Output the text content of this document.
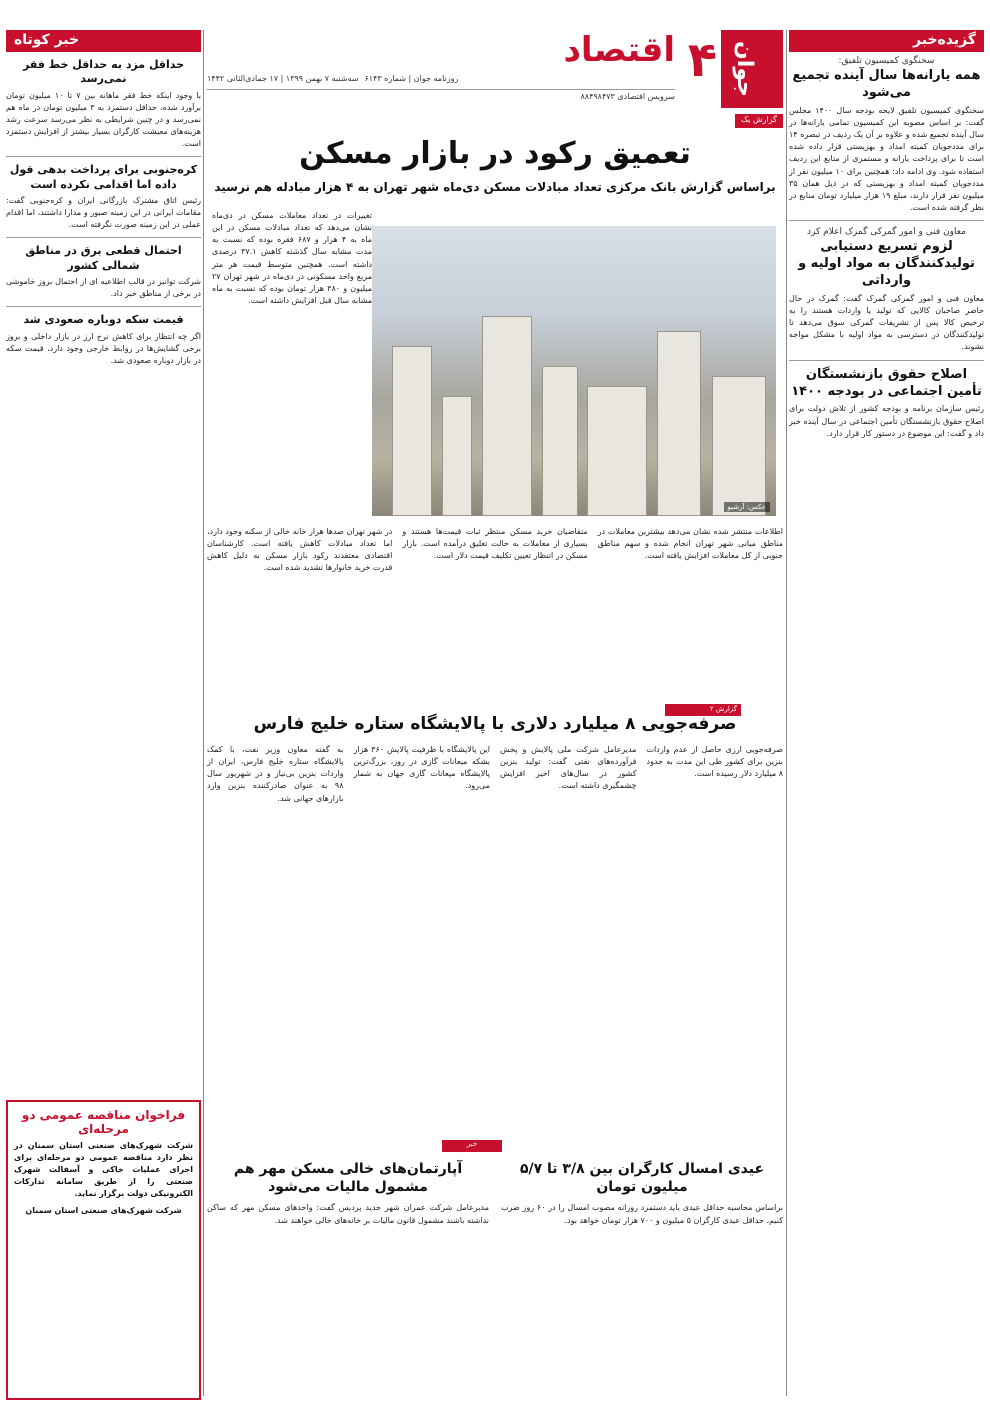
جوان
۴
اقتصاد
روزنامه جوان | شماره ۶۱۴۳
سه‌شنبه ۷ بهمن ۱۳۹۹ | ۱۷ جمادی‌الثانی ۱۴۴۲
سرویس اقتصادی ۸۸۴۹۸۴۷۳
گزارش یک
تعمیق رکود در بازار مسکن
براساس گزارش بانک مرکزی تعداد مبادلات مسکن دی‌ماه شهر تهران به ۴ هزار مبادله هم نرسید
عکس: آرشیو
تغییرات در تعداد معاملات مسکن در دی‌ماه نشان می‌دهد که تعداد مبادلات مسکن در این ماه به ۴ هزار و ۶۸۷ فقره بوده که نسبت به مدت مشابه سال گذشته کاهش ۳۷.۱ درصدی داشته است. همچنین متوسط قیمت هر متر مربع واحد مسکونی در دی‌ماه در شهر تهران ۲۷ میلیون و ۳۸۰ هزار تومان بوده که نسبت به ماه مشابه سال قبل افزایش داشته است.
اطلاعات منتشر شده نشان می‌دهد بیشترین معاملات در مناطق میانی شهر تهران انجام شده و سهم مناطق جنوبی از کل معاملات افزایش یافته است.
متقاضیان خرید مسکن منتظر ثبات قیمت‌ها هستند و بسیاری از معاملات به حالت تعلیق درآمده است. بازار مسکن در اتنظار تعیین تکلیف قیمت دلار است.
در شهر تهران صدها هزار خانه خالی از سکنه وجود دارد، اما تعداد مبادلات کاهش یافته است. کارشناسان اقتصادی معتقدند رکود بازار مسکن به دلیل کاهش قدرت خرید خانوارها تشدید شده است.
گزارش ۲
صرفه‌جویی ۸ میلیارد دلاری با پالایشگاه ستاره خلیج فارس
صرفه‌جویی ارزی حاصل از عدم واردات بنزین برای کشور طی این مدت به حدود ۸ میلیارد دلار رسیده است.
مدیرعامل شرکت ملی پالایش و پخش فرآورده‌های نفتی گفت: تولید بنزین کشور در سال‌های اخیر افزایش چشمگیری داشته است.
این پالایشگاه با ظرفیت پالایش ۳۶۰ هزار بشکه میعانات گازی در روز، بزرگ‌ترین پالایشگاه میعانات گازی جهان به شمار می‌رود.
به گفته معاون وزیر نفت، با کمک پالایشگاه ستاره خلیج فارس، ایران از واردات بنزین بی‌نیاز و در شهریور سال ۹۸ به عنوان صادرکننده بنزین وارد بازارهای جهانی شد.
خبر
عیدی امسال کارگران بین ۳/۸ تا ۵/۷ میلیون تومان
براساس محاسبه حداقل عیدی باید دستمزد روزانه مصوب امسال را در ۶۰ روز ضرب کنیم، حداقل عیدی کارگران ۵ میلیون و ۷۰۰ هزار تومان خواهد بود.
آپارتمان‌های خالی مسکن مهر هم مشمول مالیات می‌شود
مدیرعامل شرکت عمران شهر جدید پردیس گفت: واحدهای مسکن مهر که ساکن نداشته باشند مشمول قانون مالیات بر خانه‌های خالی خواهند شد.
گزیده‌خبر
سخنگوی کمیسیون تلفیق:
همه یارانه‌ها سال آینده تجمیع می‌شود
سخنگوی کمیسیون تلفیق لایحه بودجه سال ۱۴۰۰ مجلس گفت: بر اساس مصوبه این کمیسیون تمامی یارانه‌ها در سال آینده تجمیع شده و علاوه بر آن یک ردیف در تبصره ۱۴ برای مددجویان کمیته امداد و بهزیستی قرار داده شده است تا برای پرداخت یارانه و مستمری از منابع این ردیف استفاده شود. وی ادامه داد: همچنین برای ۱۰ میلیون نفر از مددجویان کمیته امداد و بهزیستی که در ذیل همان ۳۵ میلیون نفر قرار دارند، مبلغ ۱۹ هزار میلیارد تومان منابع در نظر گرفته شده است.
معاون فنی و امور گمرکی گمرک اعلام کرد
لزوم تسریع دستیابی تولیدکنندگان به مواد اولیه و وارداتی
معاون فنی و امور گمرکی گمرک گفت: گمرک در حال حاضر صاحبان کالایی که تولید یا واردات هستند را به ترخیص کالا پس از تشریفات گمرکی سوق می‌دهد تا تولیدکنندگان در دسترسی به مواد اولیه با مشکل مواجه نشوند.
اصلاح حقوق بازنشستگان تأمین اجتماعی در بودجه ۱۴۰۰
رئیس سازمان برنامه و بودجه کشور از تلاش دولت برای اصلاح حقوق بازنشستگان تأمین اجتماعی در سال آینده خبر داد و گفت: این موضوع در دستور کار قرار دارد.
خبر کوتاه
حداقل مزد به حداقل خط فقر نمی‌رسد
با وجود اینکه خط فقر ماهانه بین ۷ تا ۱۰ میلیون تومان برآورد شده، حداقل دستمزد به ۳ میلیون تومان در ماه هم نمی‌رسد و در چنین شرایطی به نظر می‌رسد سرعت رشد هزینه‌های معیشت کارگران بسیار بیشتر از افزایش دستمزد است.
کره‌جنوبی برای پرداخت بدهی قول داده اما اقدامی نکرده است
رئیس اتاق مشترک بازرگانی ایران و کره‌جنوبی گفت: مقامات ایرانی در این زمینه صبور و مدارا داشتند، اما اقدام عملی در این زمینه صورت نگرفته است.
احتمال قطعی برق در مناطق شمالی کشور
شرکت توانیر در قالب اطلاعیه ای از احتمال بروز خاموشی در برخی از مناطق خبر داد.
قیمت سکه دوباره صعودی شد
اگر چه انتظار برای کاهش نرخ ارز در بازار داخلی و بروز برخی گشایش‌ها در روابط خارجی وجود دارد، قیمت سکه در بازار دوباره صعودی شد.
فراخوان مناقصه عمومی دو مرحله‌ای
شرکت شهرک‌های صنعتی استان سمنان در نظر دارد مناقصه عمومی دو مرحله‌ای برای اجرای عملیات خاکی و آسفالت شهرک صنعتی را از طریق سامانه تدارکات الکترونیکی دولت برگزار نماید.
شرکت شهرک‌های صنعتی استان سمنان
